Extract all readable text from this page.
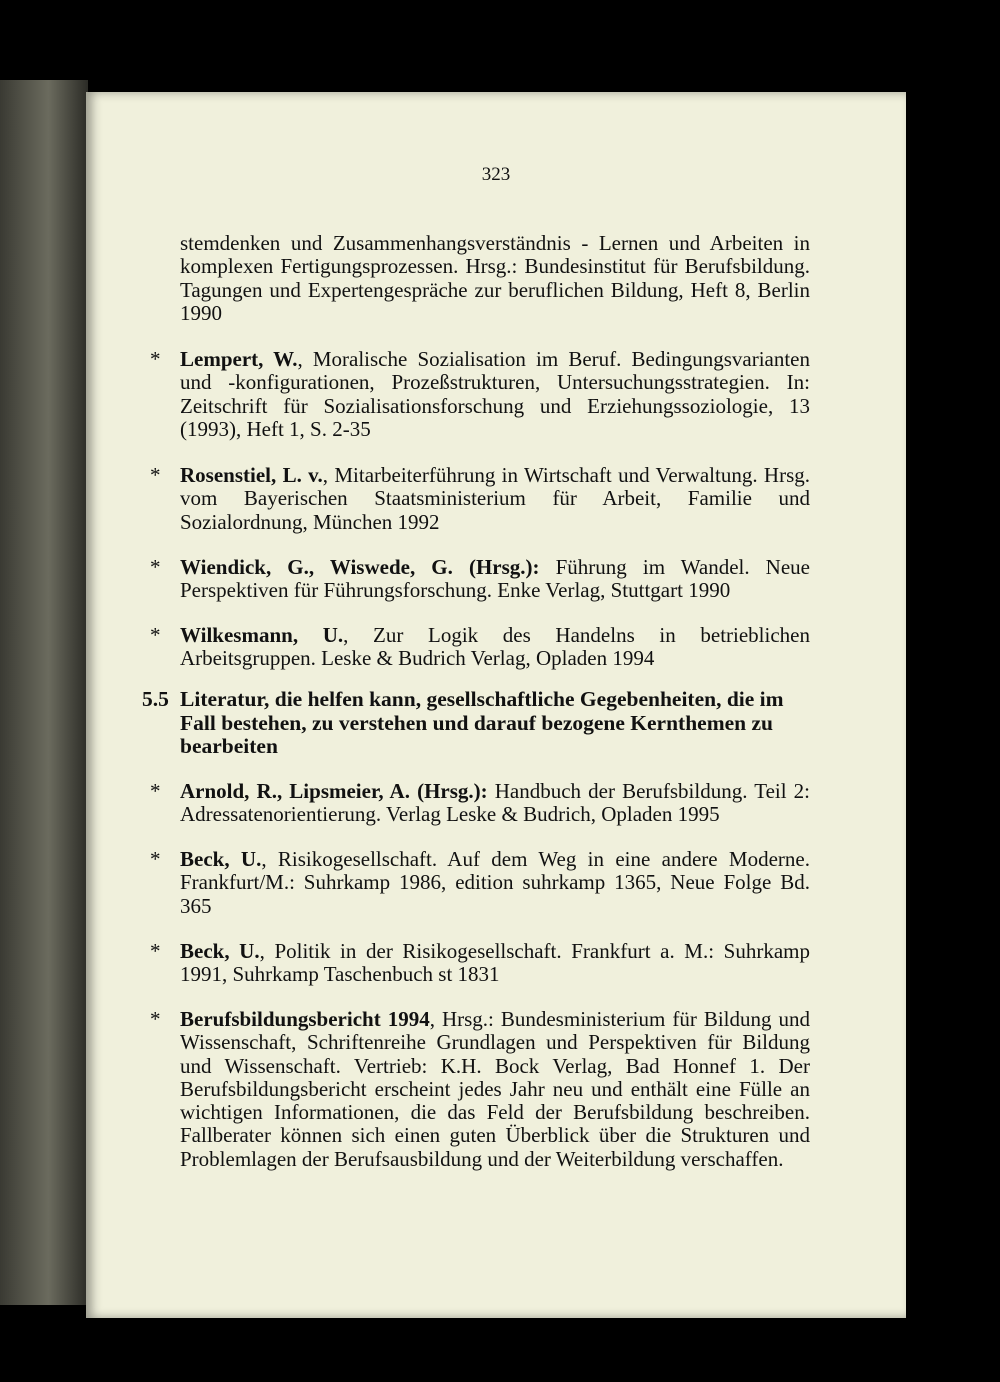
323
stemdenken und Zusammenhangsverständnis - Lernen und Arbeiten in komplexen Fertigungsprozessen. Hrsg.: Bundesinstitut für Berufsbildung. Tagungen und Expertengespräche zur beruflichen Bildung, Heft 8, Berlin 1990
* Lempert, W., Moralische Sozialisation im Beruf. Bedingungsvarianten und -konfigurationen, Prozeßstrukturen, Untersuchungsstrategien. In: Zeitschrift für Sozialisationsforschung und Erziehungssoziologie, 13 (1993), Heft 1, S. 2-35
* Rosenstiel, L. v., Mitarbeiterführung in Wirtschaft und Verwaltung. Hrsg. vom Bayerischen Staatsministerium für Arbeit, Familie und Sozialordnung, München 1992
* Wiendick, G., Wiswede, G. (Hrsg.): Führung im Wandel. Neue Perspektiven für Führungsforschung. Enke Verlag, Stuttgart 1990
* Wilkesmann, U., Zur Logik des Handelns in betrieblichen Arbeitsgruppen. Leske & Budrich Verlag, Opladen 1994
5.5 Literatur, die helfen kann, gesellschaftliche Gegebenheiten, die im Fall bestehen, zu verstehen und darauf bezogene Kernthemen zu bearbeiten
* Arnold, R., Lipsmeier, A. (Hrsg.): Handbuch der Berufsbildung. Teil 2: Adressatenorientierung. Verlag Leske & Budrich, Opladen 1995
* Beck, U., Risikogesellschaft. Auf dem Weg in eine andere Moderne. Frankfurt/M.: Suhrkamp 1986, edition suhrkamp 1365, Neue Folge Bd. 365
* Beck, U., Politik in der Risikogesellschaft. Frankfurt a. M.: Suhrkamp 1991, Suhrkamp Taschenbuch st 1831
* Berufsbildungsbericht 1994, Hrsg.: Bundesministerium für Bildung und Wissenschaft, Schriftenreihe Grundlagen und Perspektiven für Bildung und Wissenschaft. Vertrieb: K.H. Bock Verlag, Bad Honnef 1. Der Berufsbildungsbericht erscheint jedes Jahr neu und enthält eine Fülle an wichtigen Informationen, die das Feld der Berufsbildung beschreiben. Fallberater können sich einen guten Überblick über die Strukturen und Problemlagen der Berufsausbildung und der Weiterbildung verschaffen.
